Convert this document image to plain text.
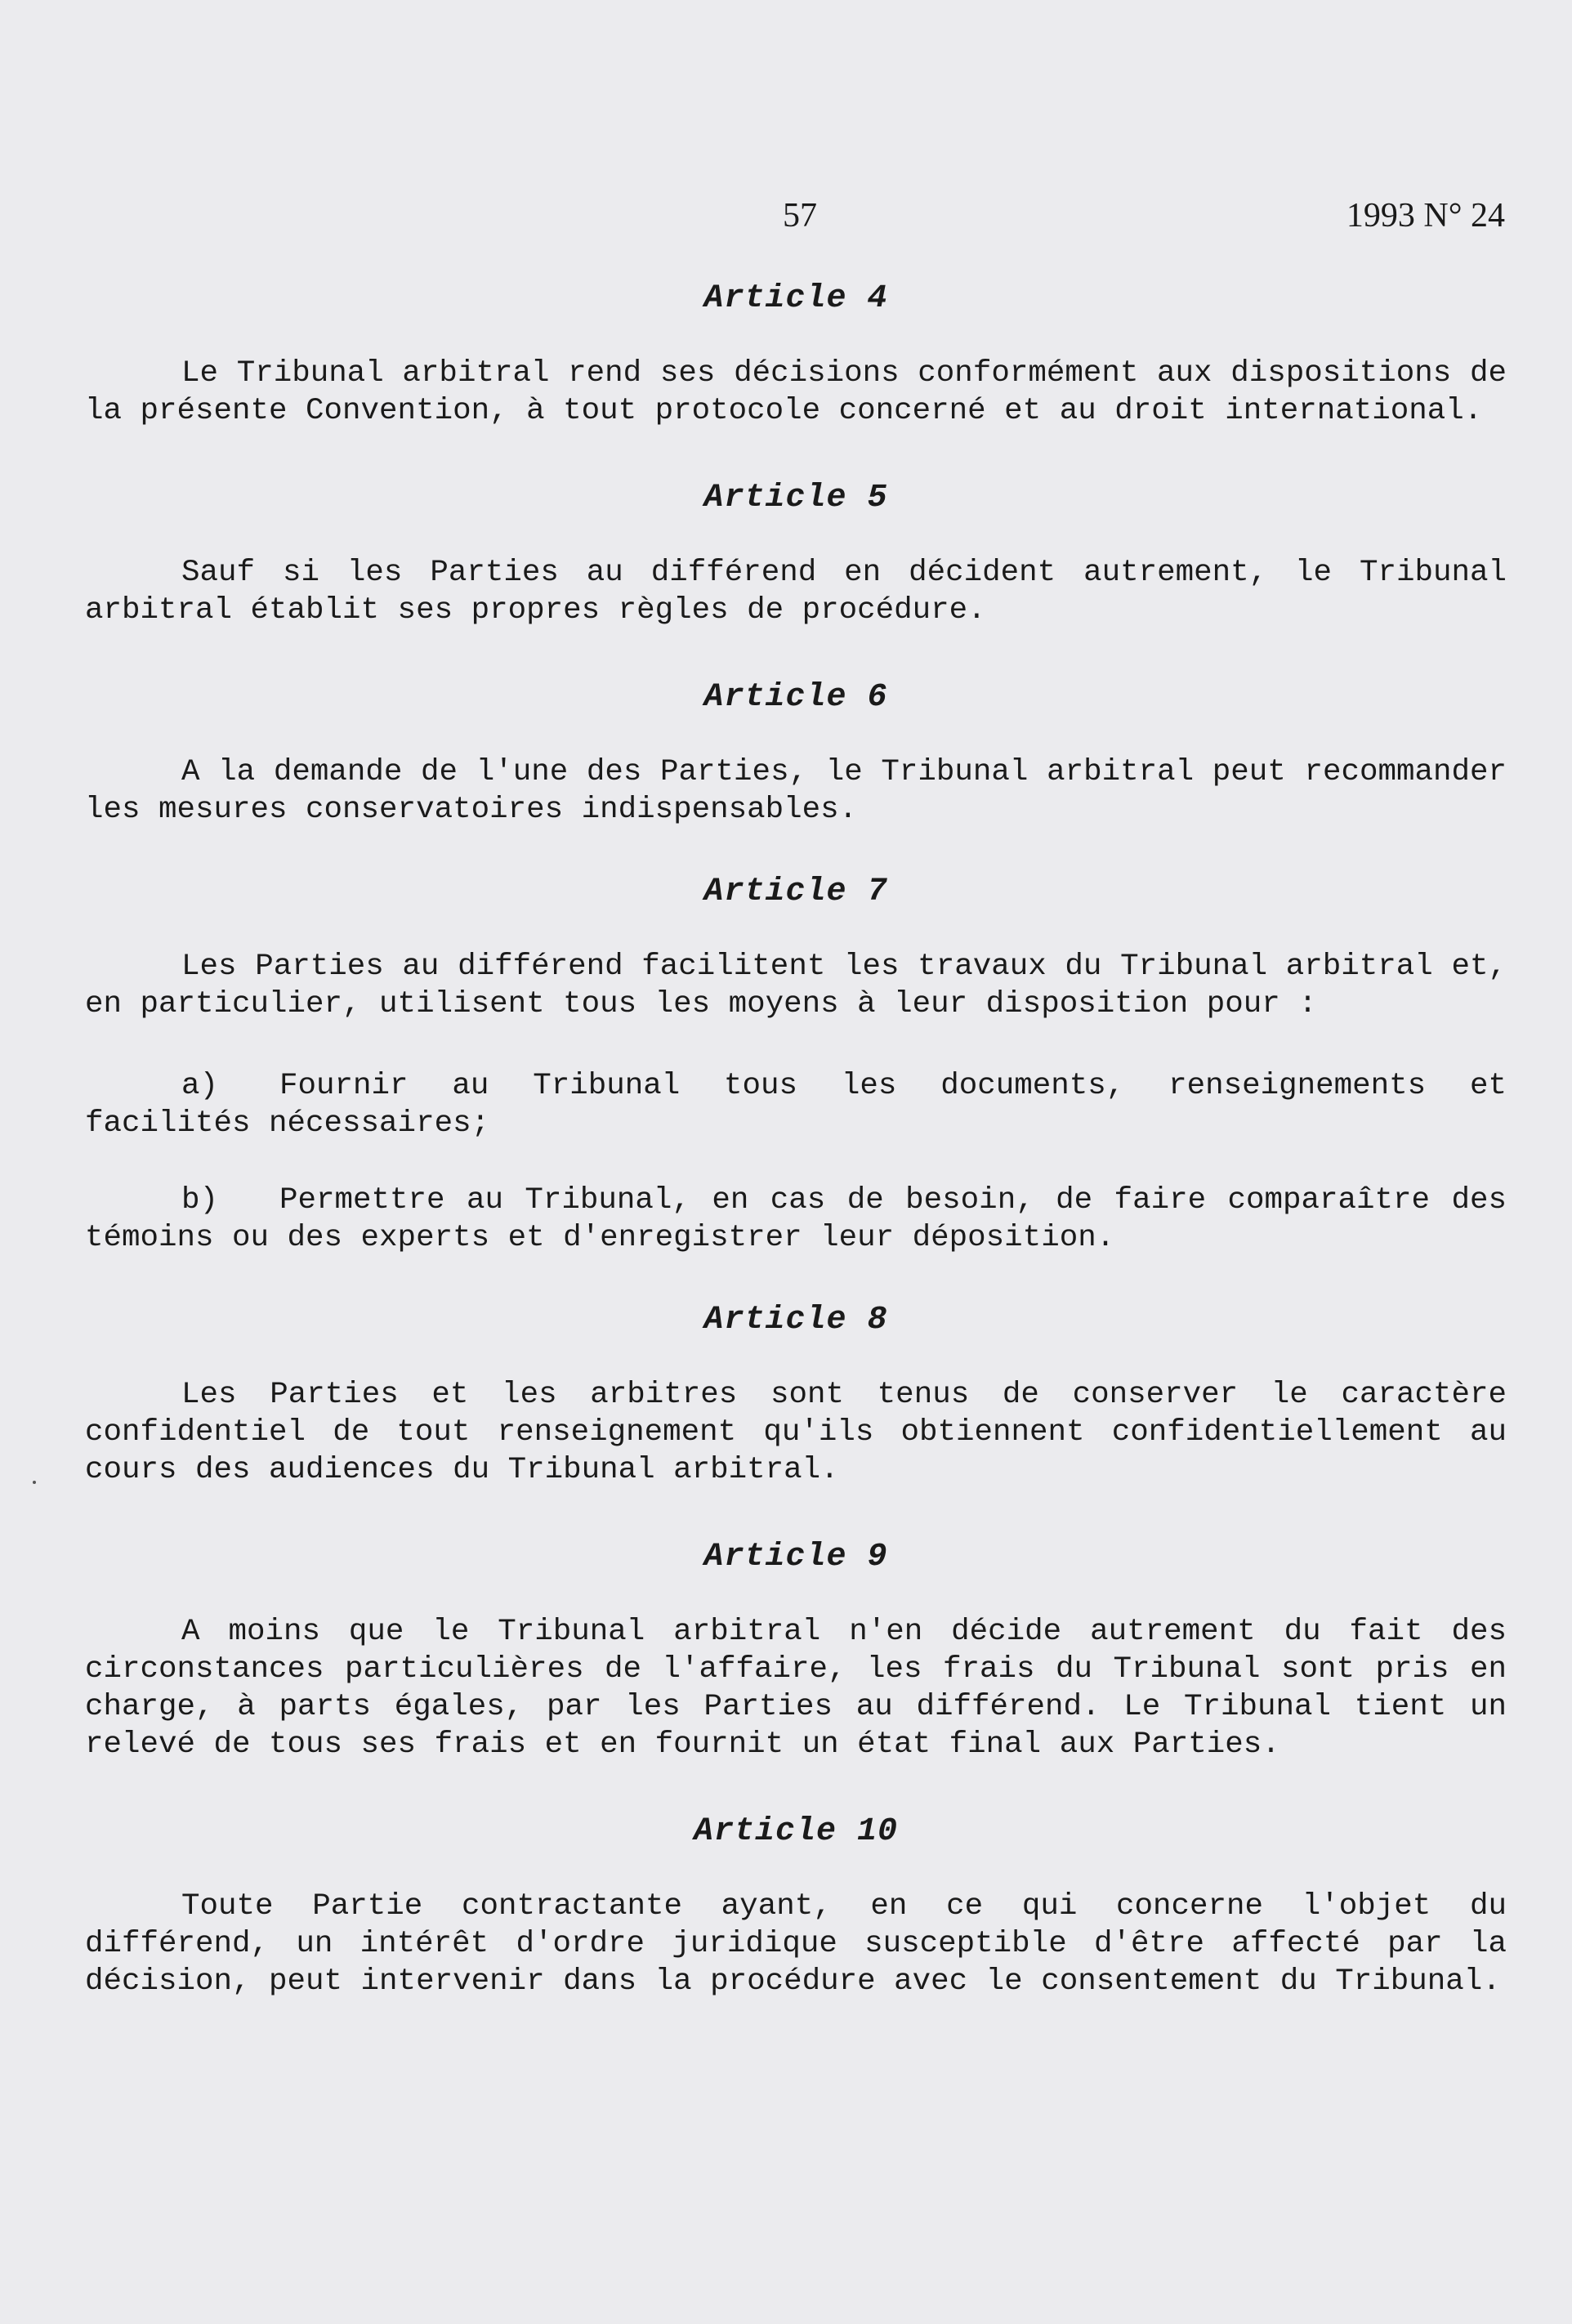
57	1993 N° 24
Article 4

Le Tribunal arbitral rend ses décisions conformément aux dispositions de la présente Convention, à tout protocole concerné et au droit international.

Article 5

Sauf si les Parties au différend en décident autrement, le Tribunal arbitral établit ses propres règles de procédure.

Article 6

A la demande de l'une des Parties, le Tribunal arbitral peut recommander les mesures conservatoires indispensables.

Article 7

Les Parties au différend facilitent les travaux du Tribunal arbitral et, en particulier, utilisent tous les moyens à leur disposition pour :

a) Fournir au Tribunal tous les documents, renseignements et facilités nécessaires;

b) Permettre au Tribunal, en cas de besoin, de faire comparaître des témoins ou des experts et d'enregistrer leur déposition.

Article 8

Les Parties et les arbitres sont tenus de conserver le caractère confidentiel de tout renseignement qu'ils obtiennent confidentiellement au cours des audiences du Tribunal arbitral.

Article 9

A moins que le Tribunal arbitral n'en décide autrement du fait des circonstances particulières de l'affaire, les frais du Tribunal sont pris en charge, à parts égales, par les Parties au différend. Le Tribunal tient un relevé de tous ses frais et en fournit un état final aux Parties.

Article 10

Toute Partie contractante ayant, en ce qui concerne l'objet du différend, un intérêt d'ordre juridique susceptible d'être affecté par la décision, peut intervenir dans la procédure avec le consentement du Tribunal.
